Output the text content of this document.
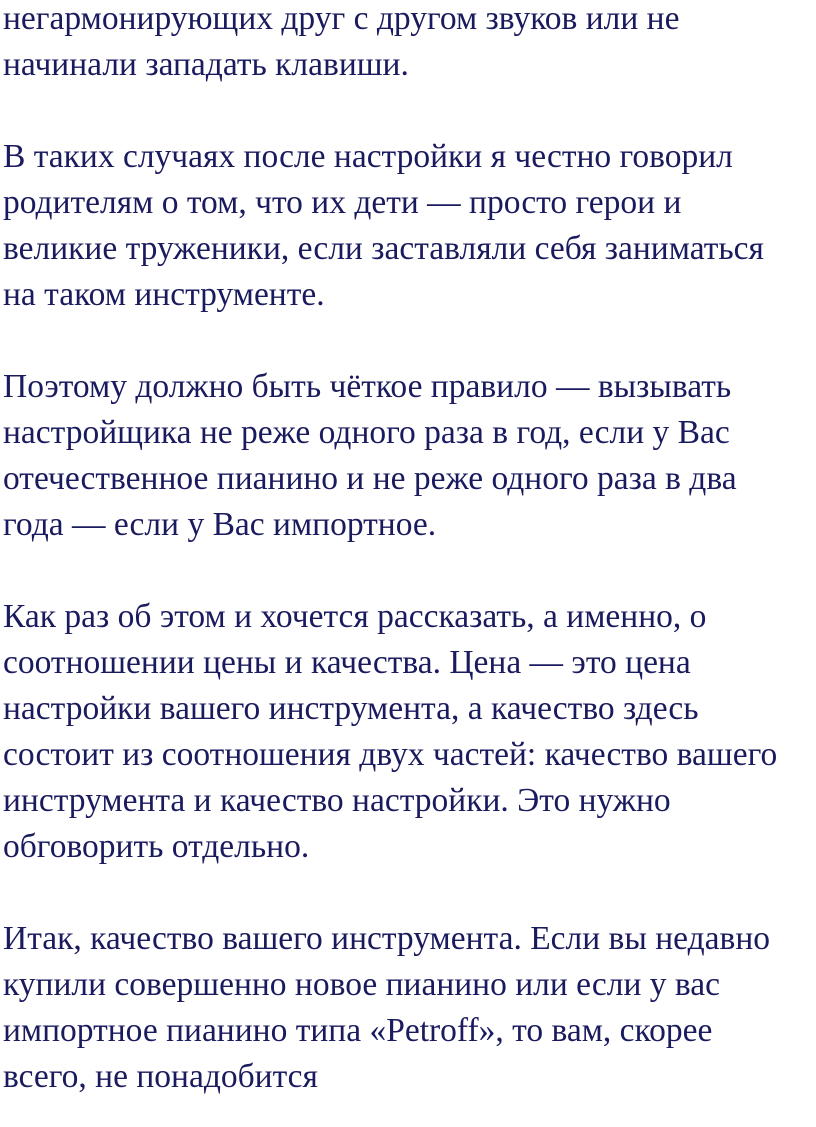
негармонирующих друг с другом звуков или не
начинали западать клавиши.

В таких случаях после настройки я честно говорил
родителям о том, что их дети — просто герои и
великие труженики, если заставляли себя заниматься
на таком инструменте.

Поэтому должно быть чёткое правило — вызывать
настройщика не реже одного раза в год, если у Вас
отечественное пианино и не реже одного раза в два
года — если у Вас импортное.

Как раз об этом и хочется рассказать, а именно, о
соотношении цены и качества. Цена — это цена
настройки вашего инструмента, а качество здесь
состоит из соотношения двух частей: качество вашего
инструмента и качество настройки. Это нужно
обговорить отдельно.

Итак, качество вашего инструмента. Если вы недавно
купили совершенно новое пианино или если у вас
импортное пианино типа «Petroff», то вам, скорее
всего, не понадобится
